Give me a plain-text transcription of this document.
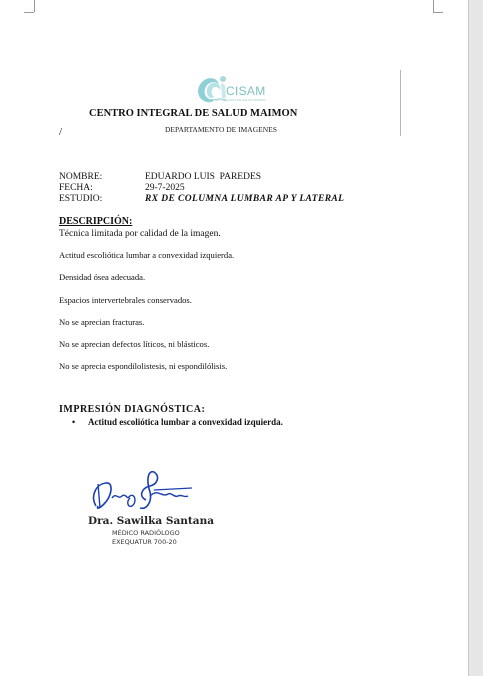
CISAM
CENTRO INTEGRAL DE SALUD MAIMON
CENTRO INTEGRAL DE SALUD MAIMON
DEPARTAMENTO DE IMAGENES
/
NOMBRE:	EDUARDO LUIS  PAREDES
FECHA:	29-7-2025
ESTUDIO:	RX DE COLUMNA LUMBAR AP Y LATERAL
DESCRIPCIÓN:
Técnica limitada por calidad de la imagen.
Actitud escoliótica lumbar a convexidad izquierda.
Densidad ósea adecuada.
Espacios intervertebrales conservados.
No se aprecian fracturas.
No se aprecian defectos líticos, ni blásticos.
No se aprecia espondilolistesis, ni espondilólisis.
IMPRESIÓN DIAGNÓSTICA:
• Actitud escoliótica lumbar a convexidad izquierda.
Dra. Sawilka Santana
MÉDICO RADIÓLOGO
EXEQUATUR 700-20
